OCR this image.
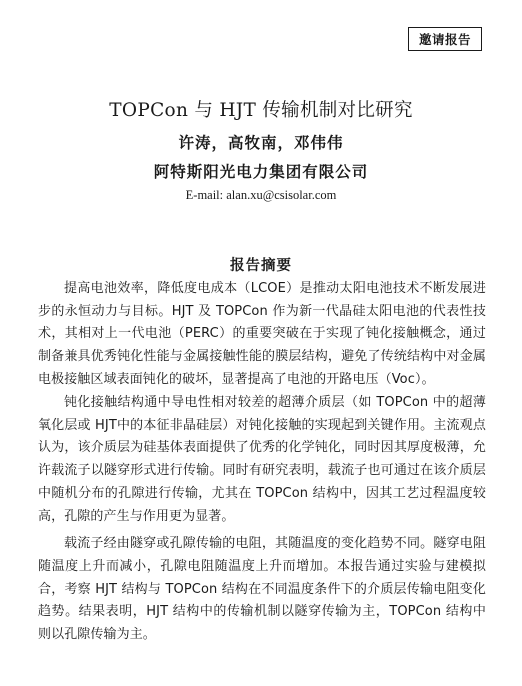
邀请报告
TOPCon 与 HJT 传输机制对比研究
许涛，高牧南，邓伟伟
阿特斯阳光电力集团有限公司
E-mail: alan.xu@csisolar.com
报告摘要

提高电池效率，降低度电成本（LCOE）是推动太阳电池技术不断发展进步的永恒动力与目标。HJT 及 TOPCon 作为新一代晶硅太阳电池的代表性技术，其相对上一代电池（PERC）的重要突破在于实现了钝化接触概念，通过制备兼具优秀钝化性能与金属接触性能的膜层结构，避免了传统结构中对金属电极接触区域表面钝化的破坏，显著提高了电池的开路电压（Voc）。

钝化接触结构通中导电性相对较差的超薄介质层（如 TOPCon 中的超薄氧化层或 HJT中的本征非晶硅层）对钝化接触的实现起到关键作用。主流观点认为，该介质层为硅基体表面提供了优秀的化学钝化，同时因其厚度极薄，允许载流子以隧穿形式进行传输。同时有研究表明，载流子也可通过在该介质层中随机分布的孔隙进行传输，尤其在 TOPCon 结构中，因其工艺过程温度较高，孔隙的产生与作用更为显著。

载流子经由隧穿或孔隙传输的电阻，其随温度的变化趋势不同。隧穿电阻随温度上升而减小，孔隙电阻随温度上升而增加。本报告通过实验与建模拟合，考察 HJT 结构与 TOPCon 结构在不同温度条件下的介质层传输电阻变化趋势。结果表明，HJT 结构中的传输机制以隧穿传输为主，TOPCon 结构中则以孔隙传输为主。
